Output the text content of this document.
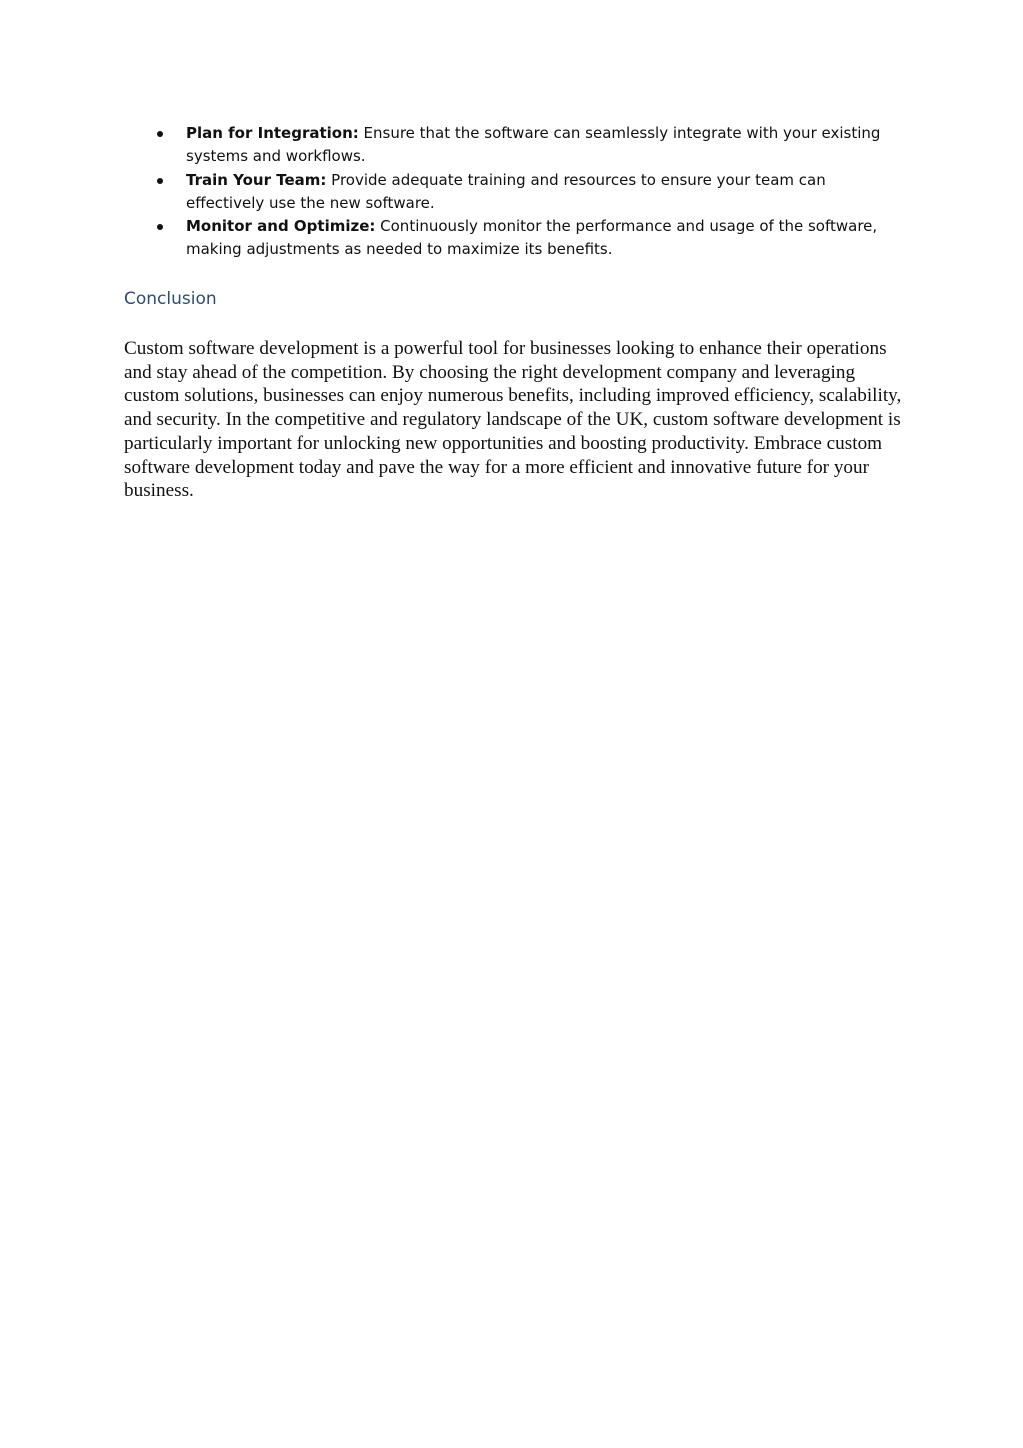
Plan for Integration: Ensure that the software can seamlessly integrate with your existing systems and workflows.
Train Your Team: Provide adequate training and resources to ensure your team can effectively use the new software.
Monitor and Optimize: Continuously monitor the performance and usage of the software, making adjustments as needed to maximize its benefits.
Conclusion

Custom software development is a powerful tool for businesses looking to enhance their operations and stay ahead of the competition. By choosing the right development company and leveraging custom solutions, businesses can enjoy numerous benefits, including improved efficiency, scalability, and security. In the competitive and regulatory landscape of the UK, custom software development is particularly important for unlocking new opportunities and boosting productivity. Embrace custom software development today and pave the way for a more efficient and innovative future for your business.
